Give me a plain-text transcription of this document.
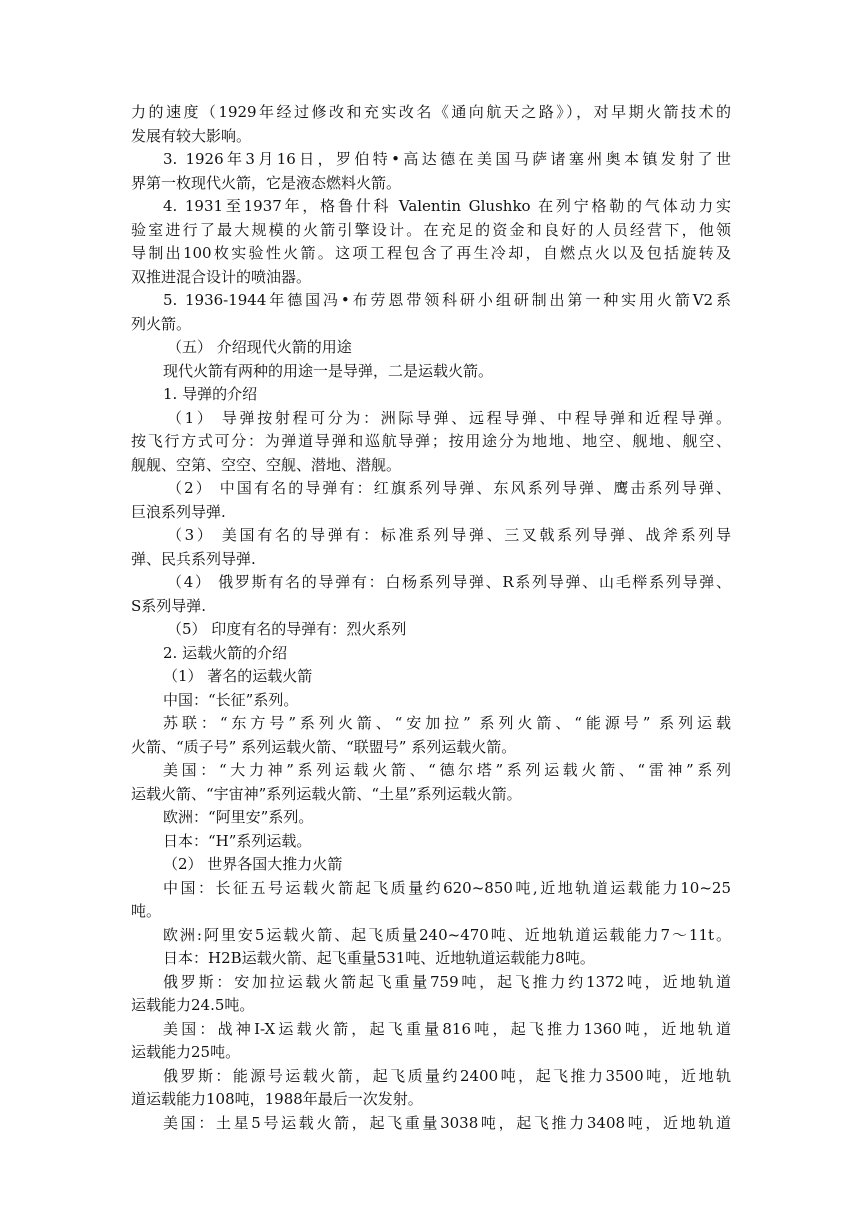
力的速度（1929年经过修改和充实改名《通向航天之路》），对早期火箭技术的
发展有较大影响。
3. 1926年3月16日，罗伯特•高达德在美国马萨诸塞州奥本镇发射了世
界第一枚现代火箭，它是液态燃料火箭。
4. 1931至1937年，格鲁什科 Valentin Glushko 在列宁格勒的气体动力实
验室进行了最大规模的火箭引擎设计。在充足的资金和良好的人员经营下，他领
导制出100枚实验性火箭。这项工程包含了再生冷却，自燃点火以及包括旋转及
双推进混合设计的喷油器。
5. 1936-1944年德国冯•布劳恩带领科研小组研制出第一种实用火箭V2系
列火箭。
（五） 介绍现代火箭的用途
现代火箭有两种的用途一是导弹，二是运载火箭。
1. 导弹的介绍
（1） 导弹按射程可分为：洲际导弹、远程导弹、中程导弹和近程导弹。
按飞行方式可分：为弹道导弹和巡航导弹；按用途分为地地、地空、舰地、舰空、
舰舰、空第、空空、空舰、潜地、潜舰。
（2） 中国有名的导弹有：红旗系列导弹、东风系列导弹、鹰击系列导弹、
巨浪系列导弹.
（3） 美国有名的导弹有：标准系列导弹、三叉戟系列导弹、战斧系列导
弹、民兵系列导弹.
（4） 俄罗斯有名的导弹有：白杨系列导弹、R系列导弹、山毛榉系列导弹、
S系列导弹.
（5） 印度有名的导弹有：烈火系列
2. 运载火箭的介绍
（1） 著名的运载火箭
中国：“长征”系列。
苏联：“东方号”系列火箭、“安加拉” 系列火箭、“能源号” 系列运载
火箭、“质子号” 系列运载火箭、“联盟号” 系列运载火箭。
美国：“大力神”系列运载火箭、“德尔塔”系列运载火箭、“雷神”系列
运载火箭、“宇宙神”系列运载火箭、“土星”系列运载火箭。
欧洲：“阿里安”系列。
日本：“H”系列运载。
（2） 世界各国大推力火箭
中国：长征五号运载火箭起飞质量约620~850吨,近地轨道运载能力10~25
吨。
欧洲:阿里安5运载火箭、起飞质量240~470吨、近地轨道运载能力7～11t。
日本：H2B运载火箭、起飞重量531吨、近地轨道运载能力8吨。
俄罗斯：安加拉运载火箭起飞重量759吨，起飞推力约1372吨，近地轨道
运载能力24.5吨。
美国：战神I-X运载火箭，起飞重量816吨，起飞推力1360吨，近地轨道
运载能力25吨。
俄罗斯：能源号运载火箭，起飞质量约2400吨，起飞推力3500吨，近地轨
道运载能力108吨，1988年最后一次发射。
美国：土星5号运载火箭，起飞重量3038吨，起飞推力3408吨，近地轨道
